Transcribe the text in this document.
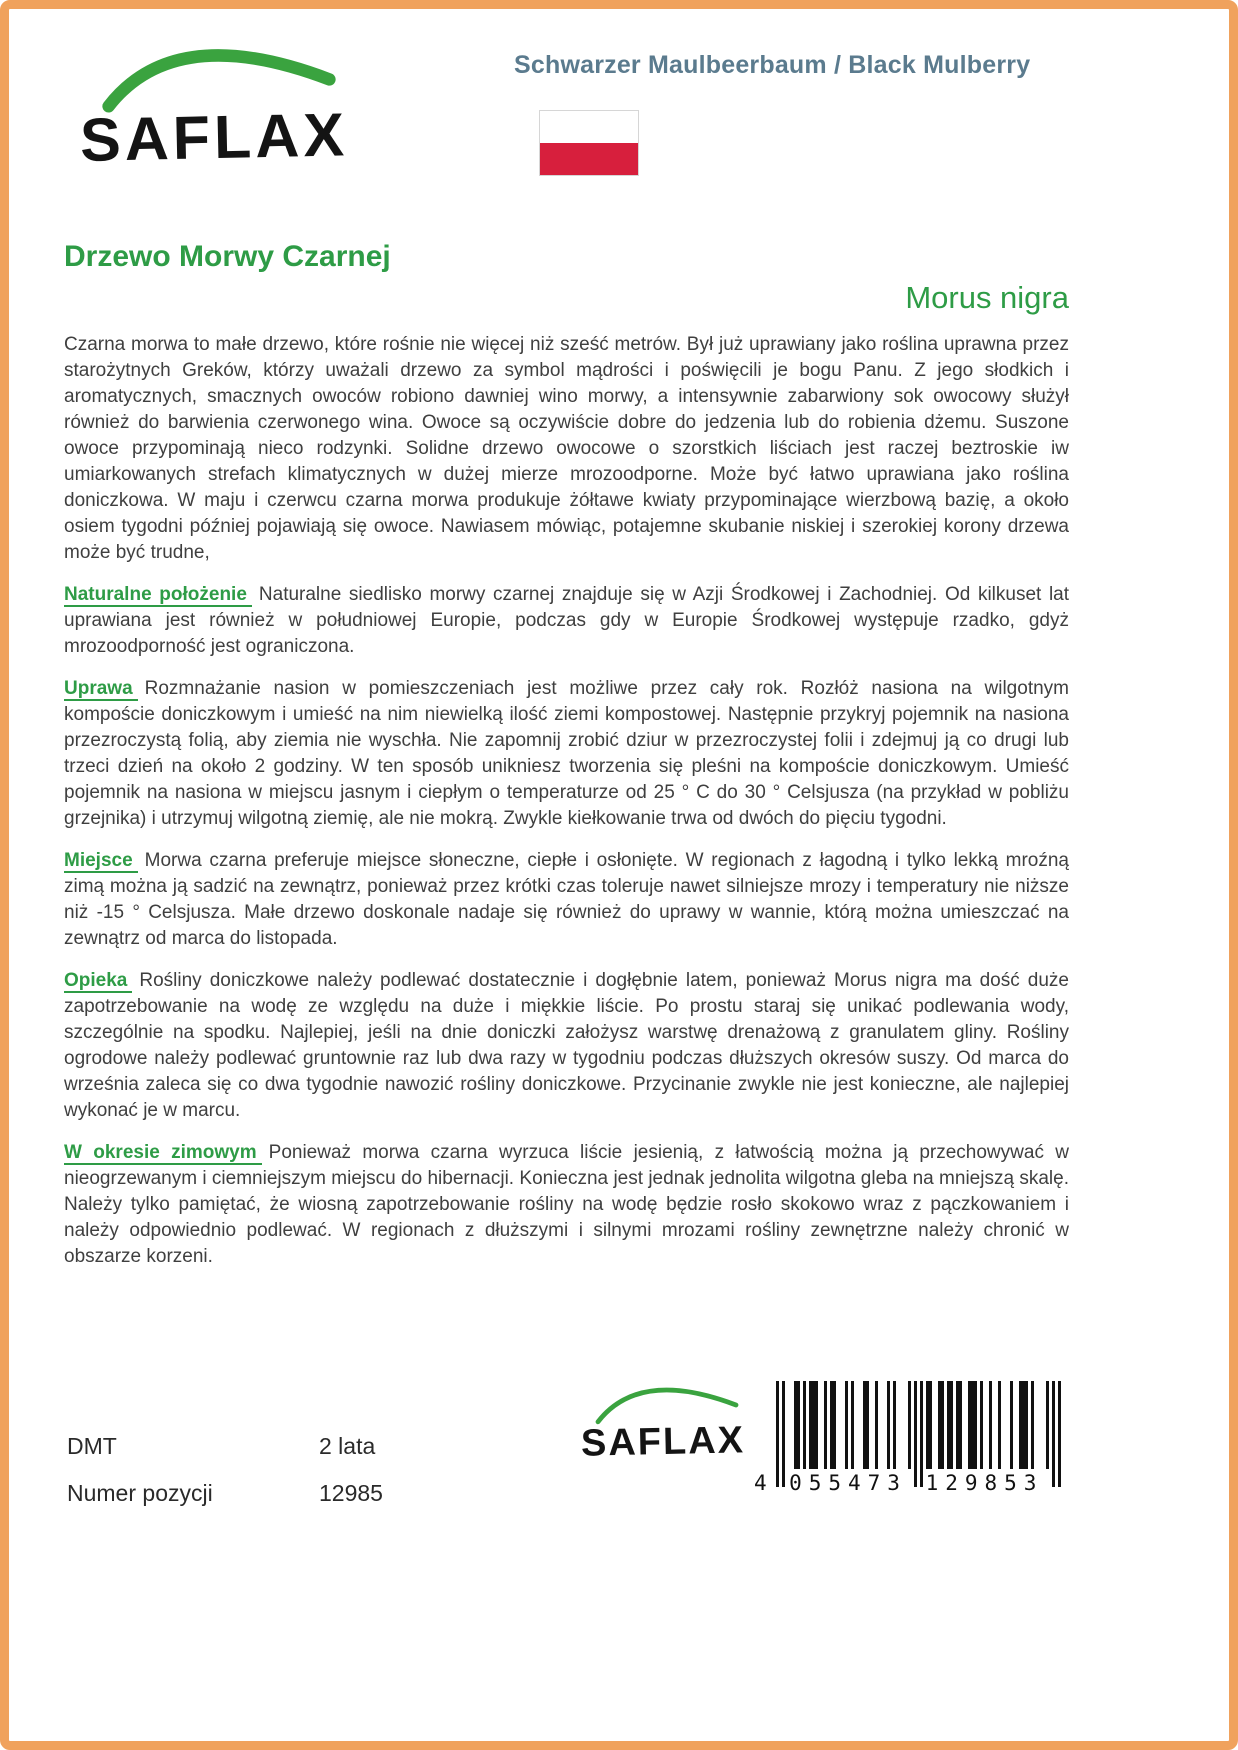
SAFLAX
Schwarzer Maulbeerbaum / Black Mulberry
Drzewo Morwy Czarnej
Morus nigra

Czarna morwa to małe drzewo, które rośnie nie więcej niż sześć metrów. Był już uprawiany jako roślina uprawna przez starożytnych Greków, którzy uważali drzewo za symbol mądrości i poświęcili je bogu Panu. Z jego słodkich i aromatycznych, smacznych owoców robiono dawniej wino morwy, a intensywnie zabarwiony sok owocowy służył również do barwienia czerwonego wina. Owoce są oczywiście dobre do jedzenia lub do robienia dżemu. Suszone owoce przypominają nieco rodzynki. Solidne drzewo owocowe o szorstkich liściach jest raczej beztroskie iw umiarkowanych strefach klimatycznych w dużej mierze mrozoodporne. Może być łatwo uprawiana jako roślina doniczkowa. W maju i czerwcu czarna morwa produkuje żółtawe kwiaty przypominające wierzbową bazię, a około osiem tygodni później pojawiają się owoce. Nawiasem mówiąc, potajemne skubanie niskiej i szerokiej korony drzewa może być trudne,

Naturalne położenie Naturalne siedlisko morwy czarnej znajduje się w Azji Środkowej i Zachodniej. Od kilkuset lat uprawiana jest również w południowej Europie, podczas gdy w Europie Środkowej występuje rzadko, gdyż mrozoodporność jest ograniczona.

Uprawa Rozmnażanie nasion w pomieszczeniach jest możliwe przez cały rok. Rozłóż nasiona na wilgotnym kompoście doniczkowym i umieść na nim niewielką ilość ziemi kompostowej. Następnie przykryj pojemnik na nasiona przezroczystą folią, aby ziemia nie wyschła. Nie zapomnij zrobić dziur w przezroczystej folii i zdejmuj ją co drugi lub trzeci dzień na około 2 godziny. W ten sposób unikniesz tworzenia się pleśni na kompoście doniczkowym. Umieść pojemnik na nasiona w miejscu jasnym i ciepłym o temperaturze od 25 ° C do 30 ° Celsjusza (na przykład w pobliżu grzejnika) i utrzymuj wilgotną ziemię, ale nie mokrą. Zwykle kiełkowanie trwa od dwóch do pięciu tygodni.

Miejsce Morwa czarna preferuje miejsce słoneczne, ciepłe i osłonięte. W regionach z łagodną i tylko lekką mroźną zimą można ją sadzić na zewnątrz, ponieważ przez krótki czas toleruje nawet silniejsze mrozy i temperatury nie niższe niż -15 ° Celsjusza. Małe drzewo doskonale nadaje się również do uprawy w wannie, którą można umieszczać na zewnątrz od marca do listopada.

Opieka Rośliny doniczkowe należy podlewać dostatecznie i dogłębnie latem, ponieważ Morus nigra ma dość duże zapotrzebowanie na wodę ze względu na duże i miękkie liście. Po prostu staraj się unikać podlewania wody, szczególnie na spodku. Najlepiej, jeśli na dnie doniczki założysz warstwę drenażową z granulatem gliny. Rośliny ogrodowe należy podlewać gruntownie raz lub dwa razy w tygodniu podczas dłuższych okresów suszy. Od marca do września zaleca się co dwa tygodnie nawozić rośliny doniczkowe. Przycinanie zwykle nie jest konieczne, ale najlepiej wykonać je w marcu.

W okresie zimowym Ponieważ morwa czarna wyrzuca liście jesienią, z łatwością można ją przechowywać w nieogrzewanym i ciemniejszym miejscu do hibernacji. Konieczna jest jednak jednolita wilgotna gleba na mniejszą skalę. Należy tylko pamiętać, że wiosną zapotrzebowanie rośliny na wodę będzie rosło skokowo wraz z pączkowaniem i należy odpowiednio podlewać. W regionach z dłuższymi i silnymi mrozami rośliny zewnętrzne należy chronić w obszarze korzeni.

DMT	2 lata
Numer pozycji	12985
SAFLAX
4 055473 129853
